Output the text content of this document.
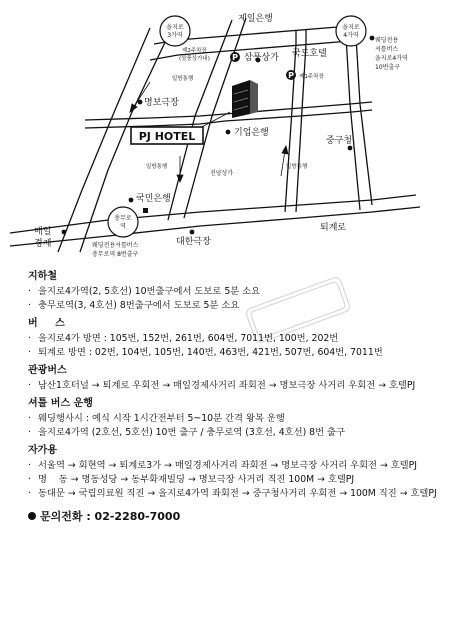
을지로
3가역
을지로
4가역
충무로
역
P
P
PJ HOTEL
제일은행
제2주차장
(삼풍상가내)	삼풍상가 국도호텔
제1주차장
웨딩전용
셔틀버스
을지로4가역
10번출구
일방통행
명보극장
기업은행
중구청
일방통행	일방통행
진양상가
국민은행
매일
경제	대한극장
퇴계로
웨딩전용셔틀버스
충무로역 8번출구
지하철

· 을지로4가역(2, 5호선) 10번출구에서 도보로 5분 소요

· 충무로역(3, 4호선) 8번출구에서 도보로 5분 소요

버     스

· 을지로4가 방면 : 105번, 152번, 261번, 604번, 7011번, 100번, 202번

· 퇴계로 방면 : 02번, 104번, 105번, 140번, 463번, 421번, 507번, 604번, 7011번

관광버스

· 남산1호터널 → 퇴계로 우회전 → 매일경제사거리 좌회전 → 명보극장 사거리 우회전 → 호텔PJ

셔틀 버스 운행

· 웨딩행사시 : 예식 시작 1시간전부터 5~10분 간격 왕복 운행

· 을지로4가역 (2호선, 5호선) 10번 출구 / 충무로역 (3호선, 4호선) 8번 출구

자가용

· 서울역 → 회현역 → 퇴계로3가 → 매일경제사거리 좌회전 → 명보극장 사거리 우회전 → 호텔PJ

· 명    동 → 명동성당 → 동부화재빌딩 → 명보극장 사거리 직진 100M → 호텔PJ

· 동대문 → 국립의료원 직진 → 을지로4가역 좌회전 → 중구청사거리 우회전 → 100M 직진 → 호텔PJ

문의전화 : 02-2280-7000
